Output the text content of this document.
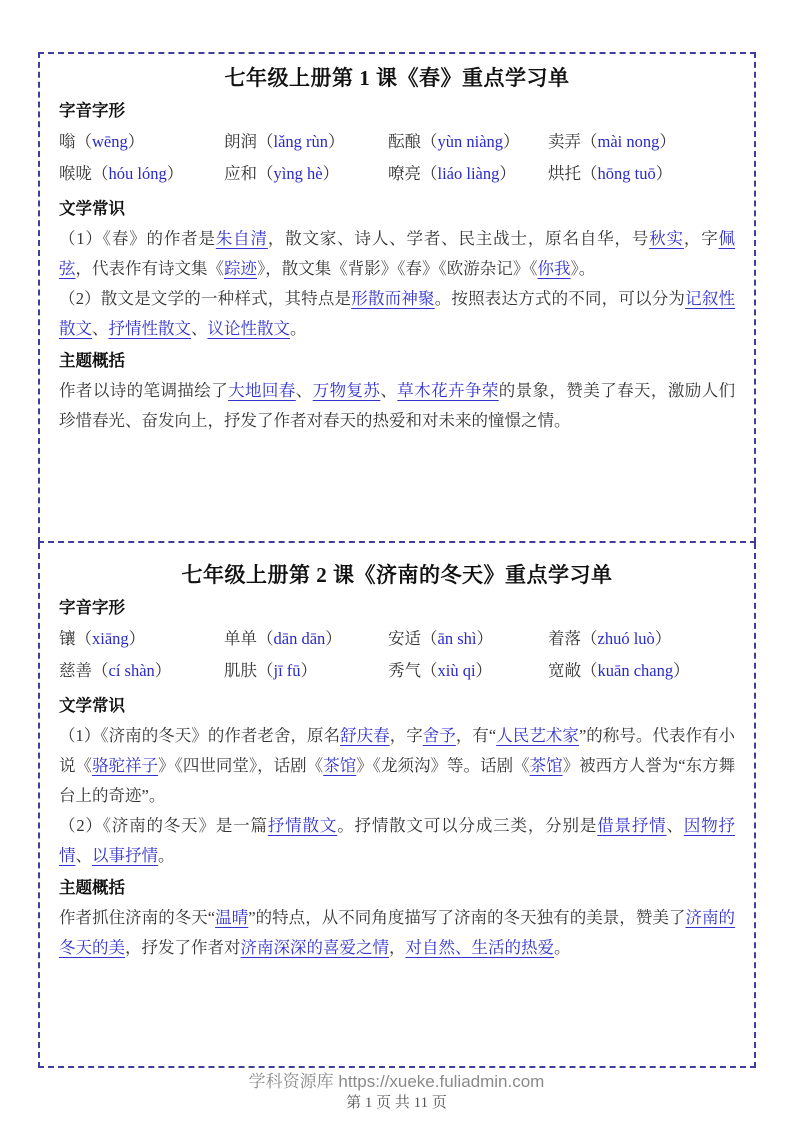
七年级上册第 1 课《春》重点学习单
字音字形
嗡（wēng）	朗润（lǎng rùn）	酝酿（yùn niàng）	卖弄（mài nong）
喉咙（hóu lóng）	应和（yìng hè）	嘹亮（liáo liàng）	烘托（hōng tuō）
文学常识

（1）《春》的作者是朱自清，散文家、诗人、学者、民主战士，原名自华，号秋实，字佩弦，代表作有诗文集《踪迹》，散文集《背影》《春》《欧游杂记》《你我》。

（2）散文是文学的一种样式，其特点是形散而神聚。按照表达方式的不同，可以分为记叙性散文、抒情性散文、议论性散文。

主题概括

作者以诗的笔调描绘了大地回春、万物复苏、草木花卉争荣的景象，赞美了春天，激励人们珍惜春光、奋发向上，抒发了作者对春天的热爱和对未来的憧憬之情。

七年级上册第 2 课《济南的冬天》重点学习单
字音字形
镶（xiāng）	单单（dān dān）	安适（ān shì）	着落（zhuó luò）
慈善（cí shàn）	肌肤（jī fū）	秀气（xiù qi）	宽敞（kuān chang）
文学常识

（1）《济南的冬天》的作者老舍，原名舒庆春，字舍予，有“人民艺术家”的称号。代表作有小说《骆驼祥子》《四世同堂》，话剧《茶馆》《龙须沟》等。话剧《茶馆》被西方人誉为“东方舞台上的奇迹”。

（2）《济南的冬天》是一篇抒情散文。抒情散文可以分成三类，分别是借景抒情、因物抒情、以事抒情。

主题概括

作者抓住济南的冬天“温晴”的特点，从不同角度描写了济南的冬天独有的美景，赞美了济南的冬天的美，抒发了作者对济南深深的喜爱之情，对自然、生活的热爱。

学科资源库 https://xueke.fuliadmin.com
第 1 页 共 11 页
